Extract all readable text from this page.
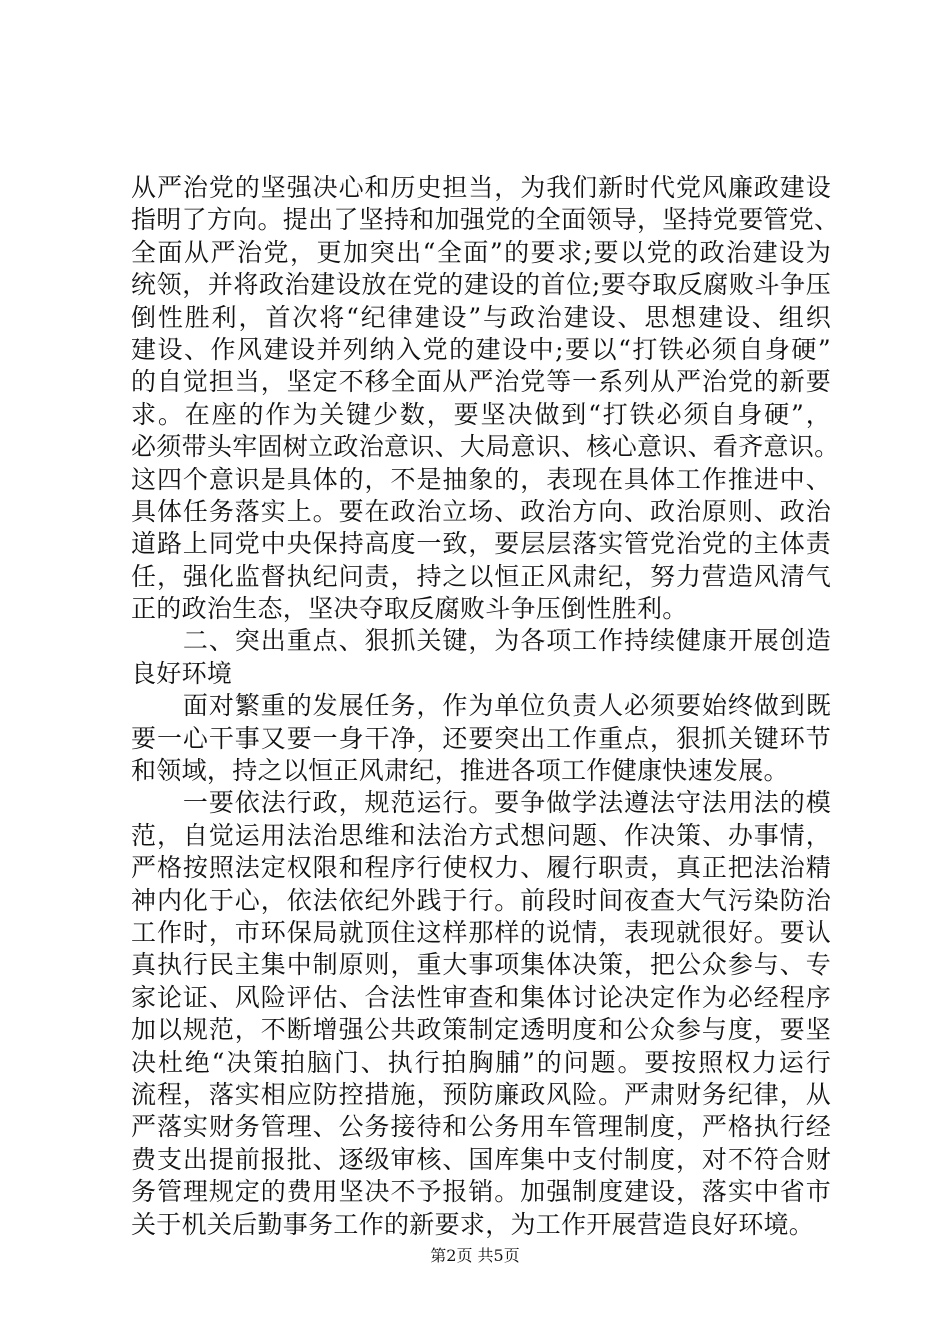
从严治党的坚强决心和历史担当，为我们新时代党风廉政建设
指明了方向。提出了坚持和加强党的全面领导，坚持党要管党、
全面从严治党，更加突出“全面”的要求;要以党的政治建设为
统领，并将政治建设放在党的建设的首位;要夺取反腐败斗争压
倒性胜利，首次将“纪律建设”与政治建设、思想建设、组织
建设、作风建设并列纳入党的建设中;要以“打铁必须自身硬”
的自觉担当，坚定不移全面从严治党等一系列从严治党的新要
求。在座的作为关键少数，要坚决做到“打铁必须自身硬”，
必须带头牢固树立政治意识、大局意识、核心意识、看齐意识。
这四个意识是具体的，不是抽象的，表现在具体工作推进中、
具体任务落实上。要在政治立场、政治方向、政治原则、政治
道路上同党中央保持高度一致，要层层落实管党治党的主体责
任，强化监督执纪问责，持之以恒正风肃纪，努力营造风清气
正的政治生态，坚决夺取反腐败斗争压倒性胜利。
　　二、突出重点、狠抓关键，为各项工作持续健康开展创造
良好环境
　　面对繁重的发展任务，作为单位负责人必须要始终做到既
要一心干事又要一身干净，还要突出工作重点，狠抓关键环节
和领域，持之以恒正风肃纪，推进各项工作健康快速发展。
　　一要依法行政，规范运行。要争做学法遵法守法用法的模
范，自觉运用法治思维和法治方式想问题、作决策、办事情，
严格按照法定权限和程序行使权力、履行职责，真正把法治精
神内化于心，依法依纪外践于行。前段时间夜查大气污染防治
工作时，市环保局就顶住这样那样的说情，表现就很好。要认
真执行民主集中制原则，重大事项集体决策，把公众参与、专
家论证、风险评估、合法性审查和集体讨论决定作为必经程序
加以规范，不断增强公共政策制定透明度和公众参与度，要坚
决杜绝“决策拍脑门、执行拍胸脯”的问题。要按照权力运行
流程，落实相应防控措施，预防廉政风险。严肃财务纪律，从
严落实财务管理、公务接待和公务用车管理制度，严格执行经
费支出提前报批、逐级审核、国库集中支付制度，对不符合财
务管理规定的费用坚决不予报销。加强制度建设，落实中省市
关于机关后勤事务工作的新要求，为工作开展营造良好环境。
第2页 共5页
